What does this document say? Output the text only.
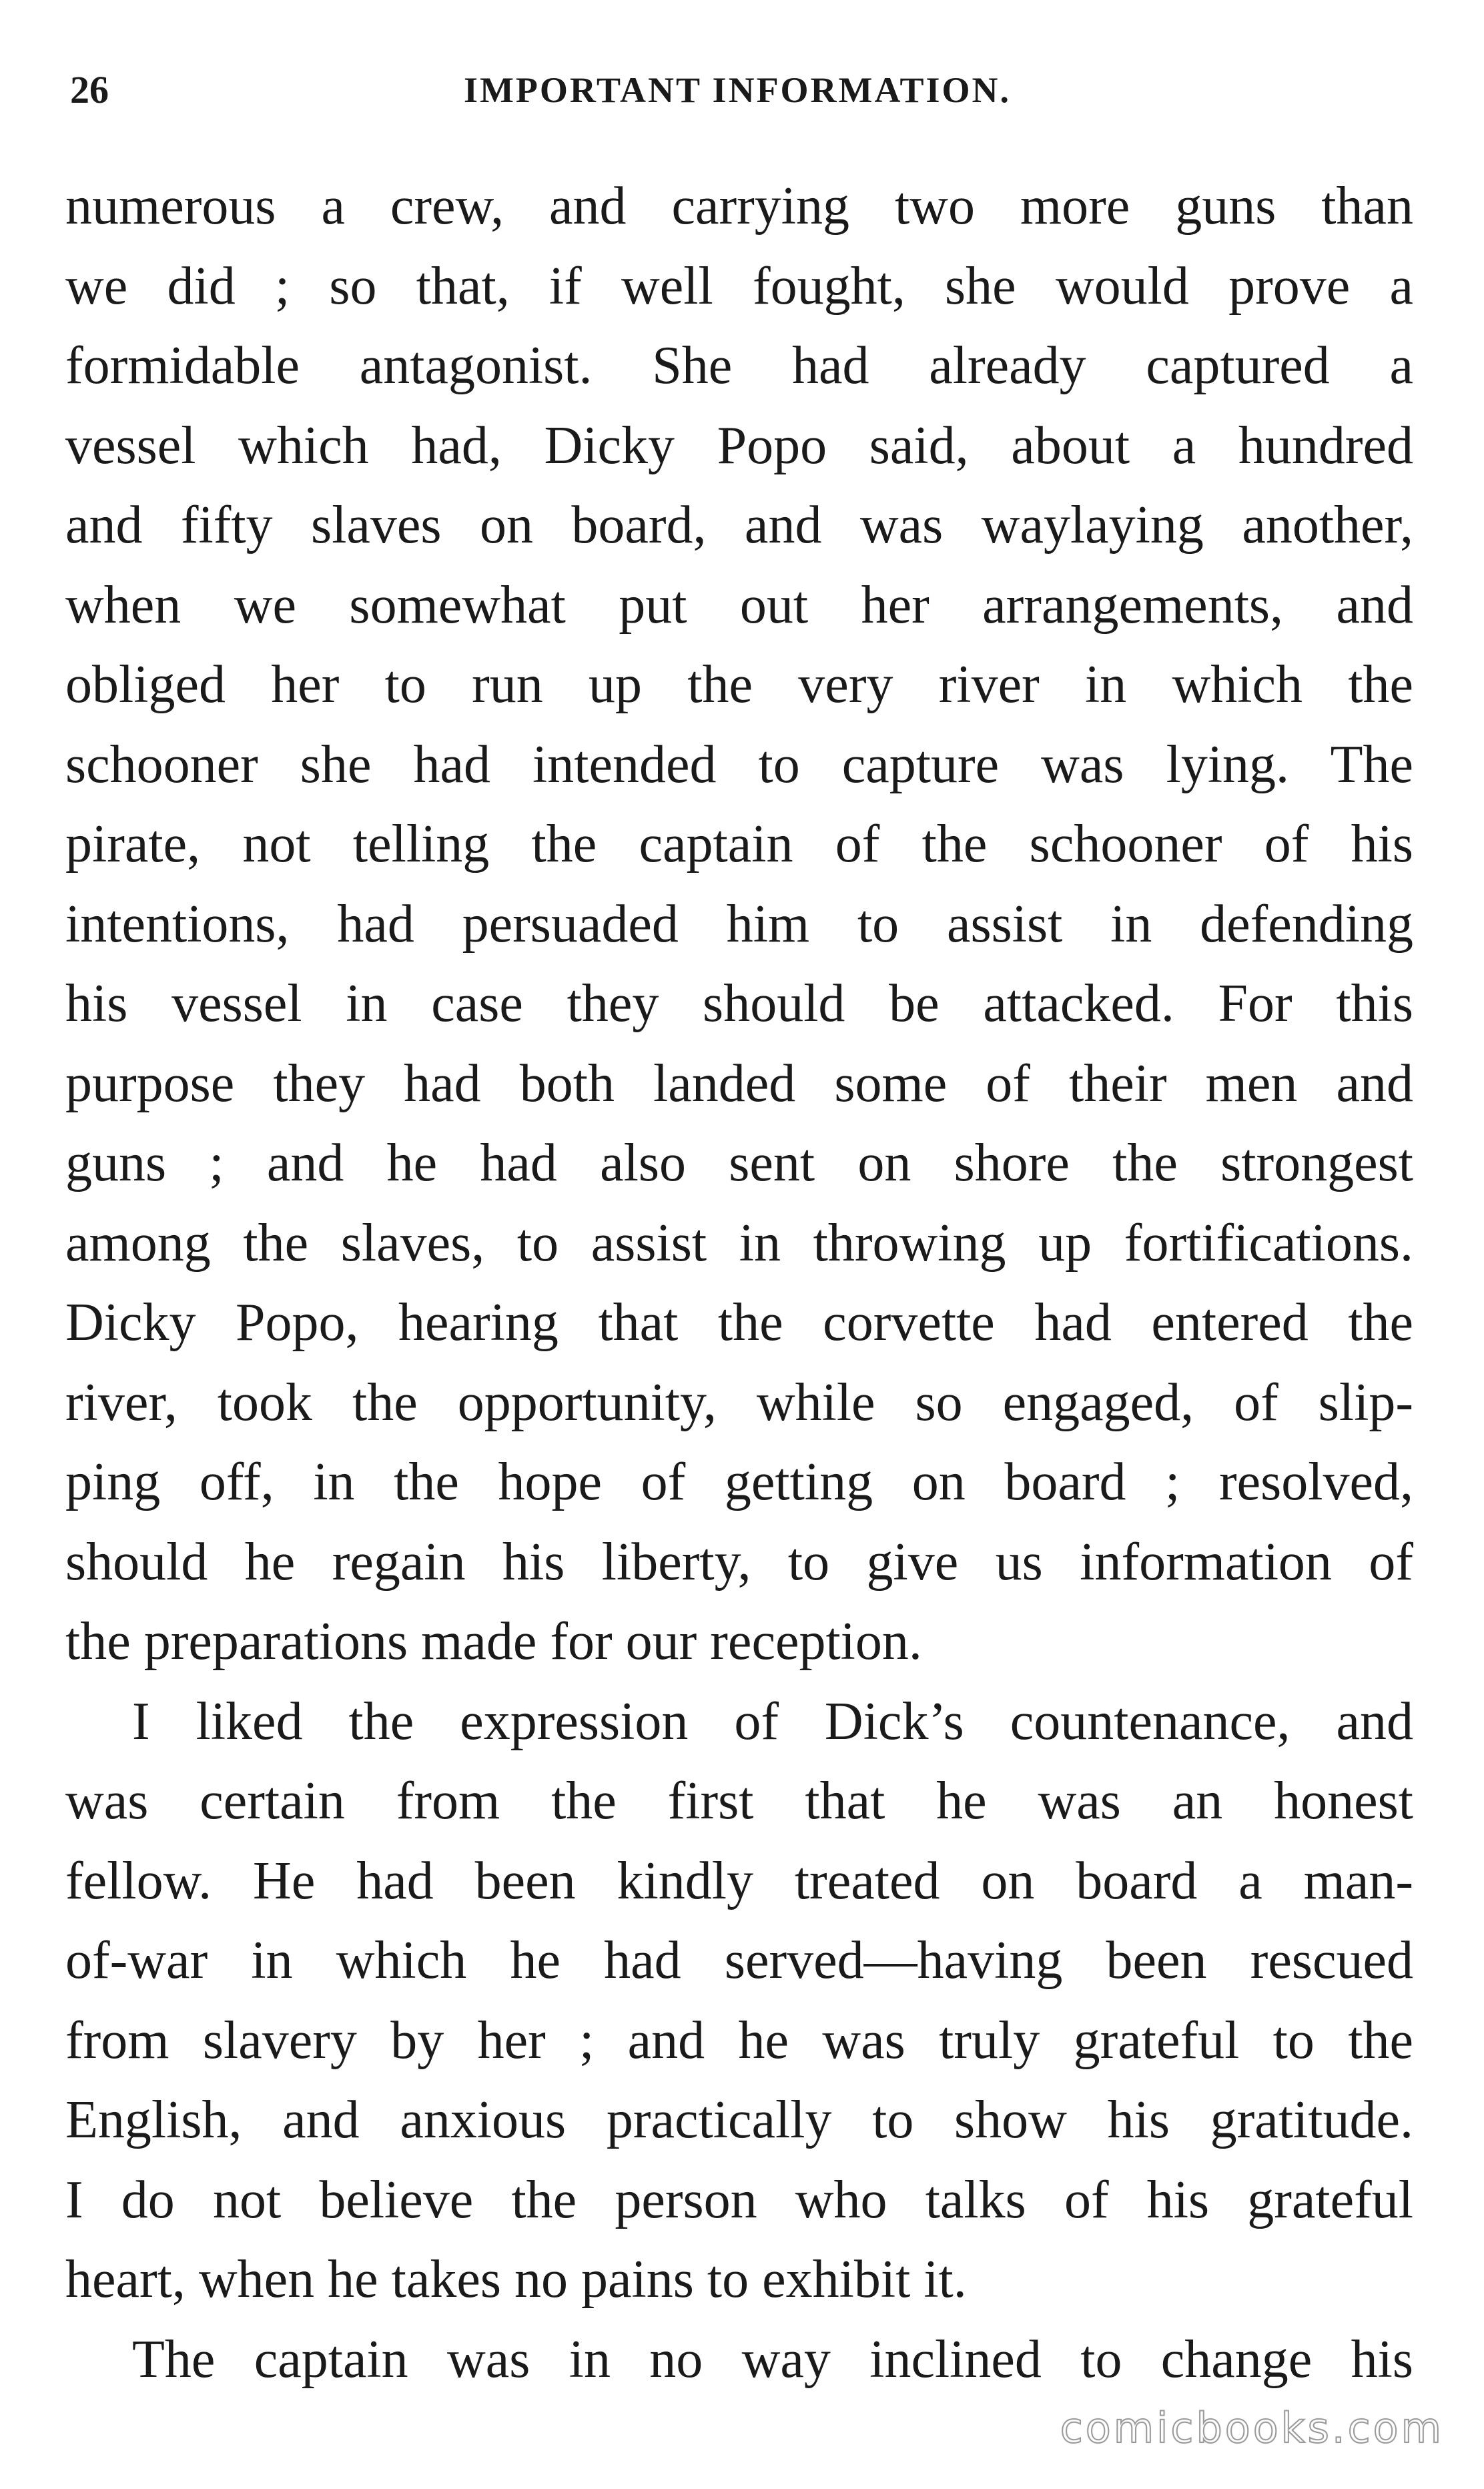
26	IMPORTANT INFORMATION.
numerous a crew, and carrying two more guns than
we did ; so that, if well fought, she would prove a
formidable antagonist. She had already captured a
vessel which had, Dicky Popo said, about a hundred
and fifty slaves on board, and was waylaying another,
when we somewhat put out her arrangements, and
obliged her to run up the very river in which the
schooner she had intended to capture was lying. The
pirate, not telling the captain of the schooner of his
intentions, had persuaded him to assist in defending
his vessel in case they should be attacked. For this
purpose they had both landed some of their men and
guns ; and he had also sent on shore the strongest
among the slaves, to assist in throwing up fortifications.
Dicky Popo, hearing that the corvette had entered the
river, took the opportunity, while so engaged, of slip-
ping off, in the hope of getting on board ; resolved,
should he regain his liberty, to give us information of
the preparations made for our reception.
I liked the expression of Dick’s countenance, and
was certain from the first that he was an honest
fellow. He had been kindly treated on board a man-
of-war in which he had served—having been rescued
from slavery by her ; and he was truly grateful to the
English, and anxious practically to show his gratitude.
I do not believe the person who talks of his grateful
heart, when he takes no pains to exhibit it.
The captain was in no way inclined to change his
comicbooks.com
